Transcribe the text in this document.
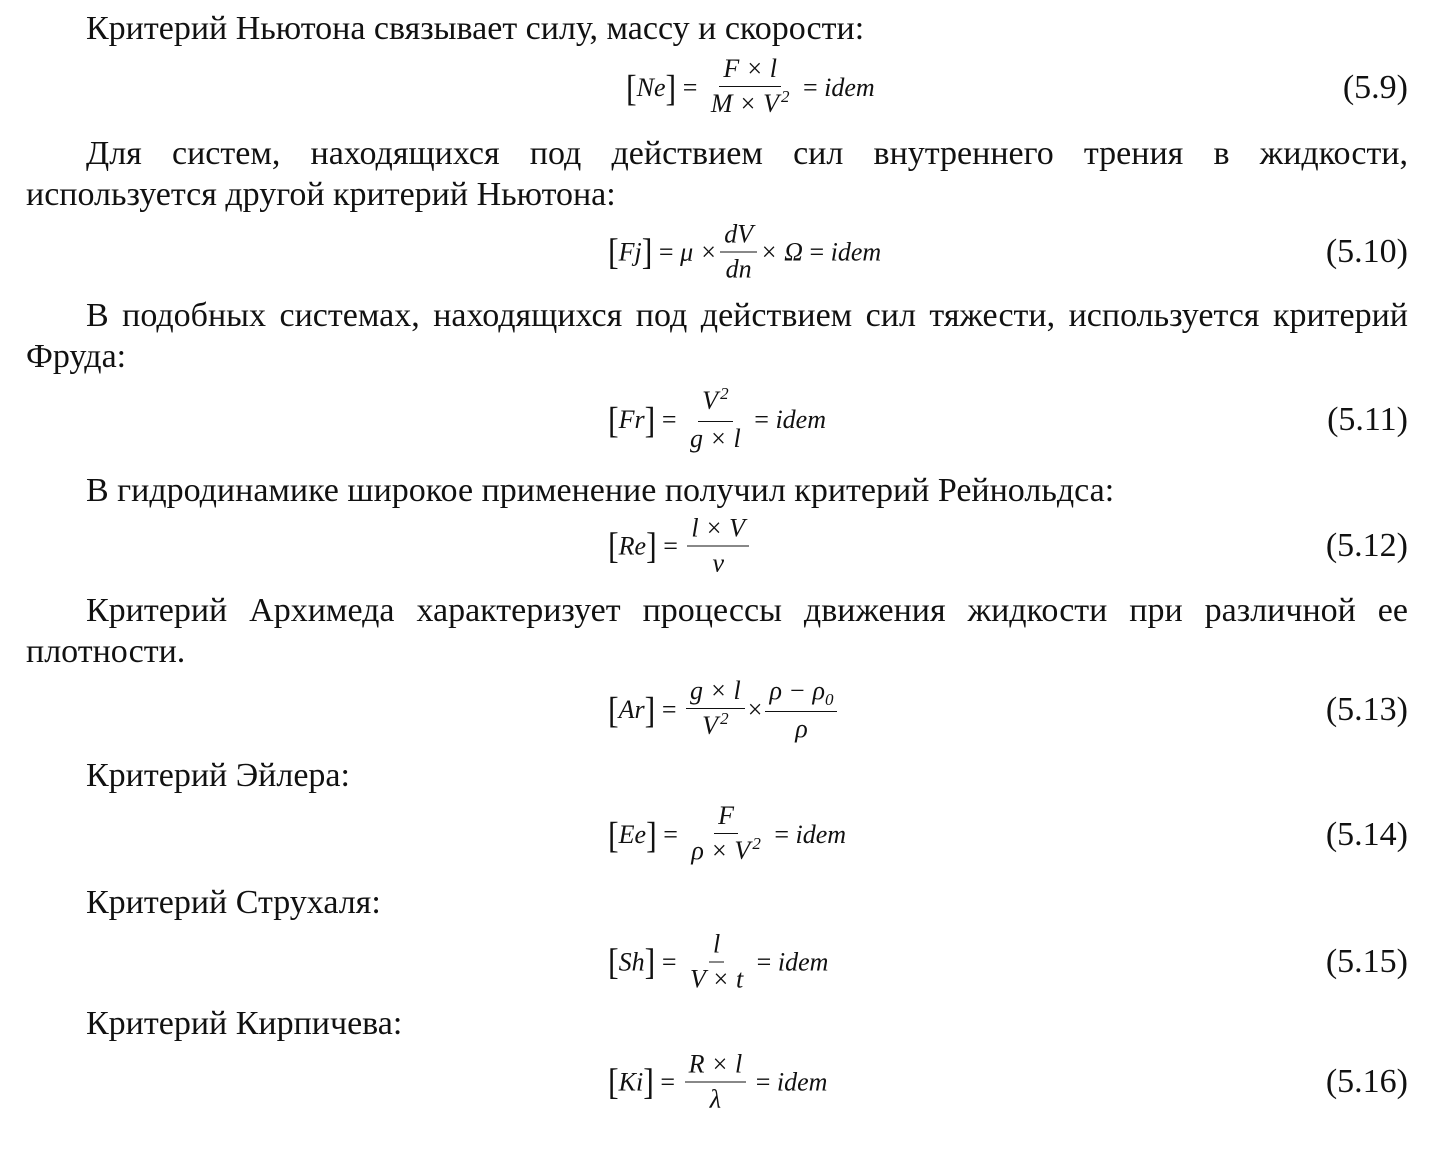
Критерий Ньютона связывает силу, массу и скорости:

[ Ne ] = $\frac{F \times l}{M \times V ^2}$ = idem	(5.9)

Для систем, находящихся под действием сил внутреннего трения в жидкости, используется другой критерий Ньютона:

[ Fj ] = $\mu \times \frac{dV}{dn} \times \Omega$ = idem	(5.10)

В подобных системах, находящихся под действием сил тяжести, используется критерий Фруда:

[ Fr ] = $\frac{V ^2}{g \times l}$ = idem	(5.11)

В гидродинамике широкое применение получил критерий Рейнольдса:

[ Re ] = $\frac{l \times V}{\nu}$	(5.12)

Критерий Архимеда характеризует процессы движения жидкости при различной ее плотности.

[ Ar ] = $\frac{g \times l}{V ^2} \times \frac{\rho - \rho_0}{\rho}$	(5.13)

Критерий Эйлера:

[ Ee ] = $\frac{F}{\rho \times V ^2}$ = idem	(5.14)

Критерий Струхаля:

[ Sh ] = $\frac{l}{V \times t}$ = idem	(5.15)

Критерий Кирпичева:

[ Ki ] = $\frac{R \times l}{\lambda}$ = idem	(5.16)
